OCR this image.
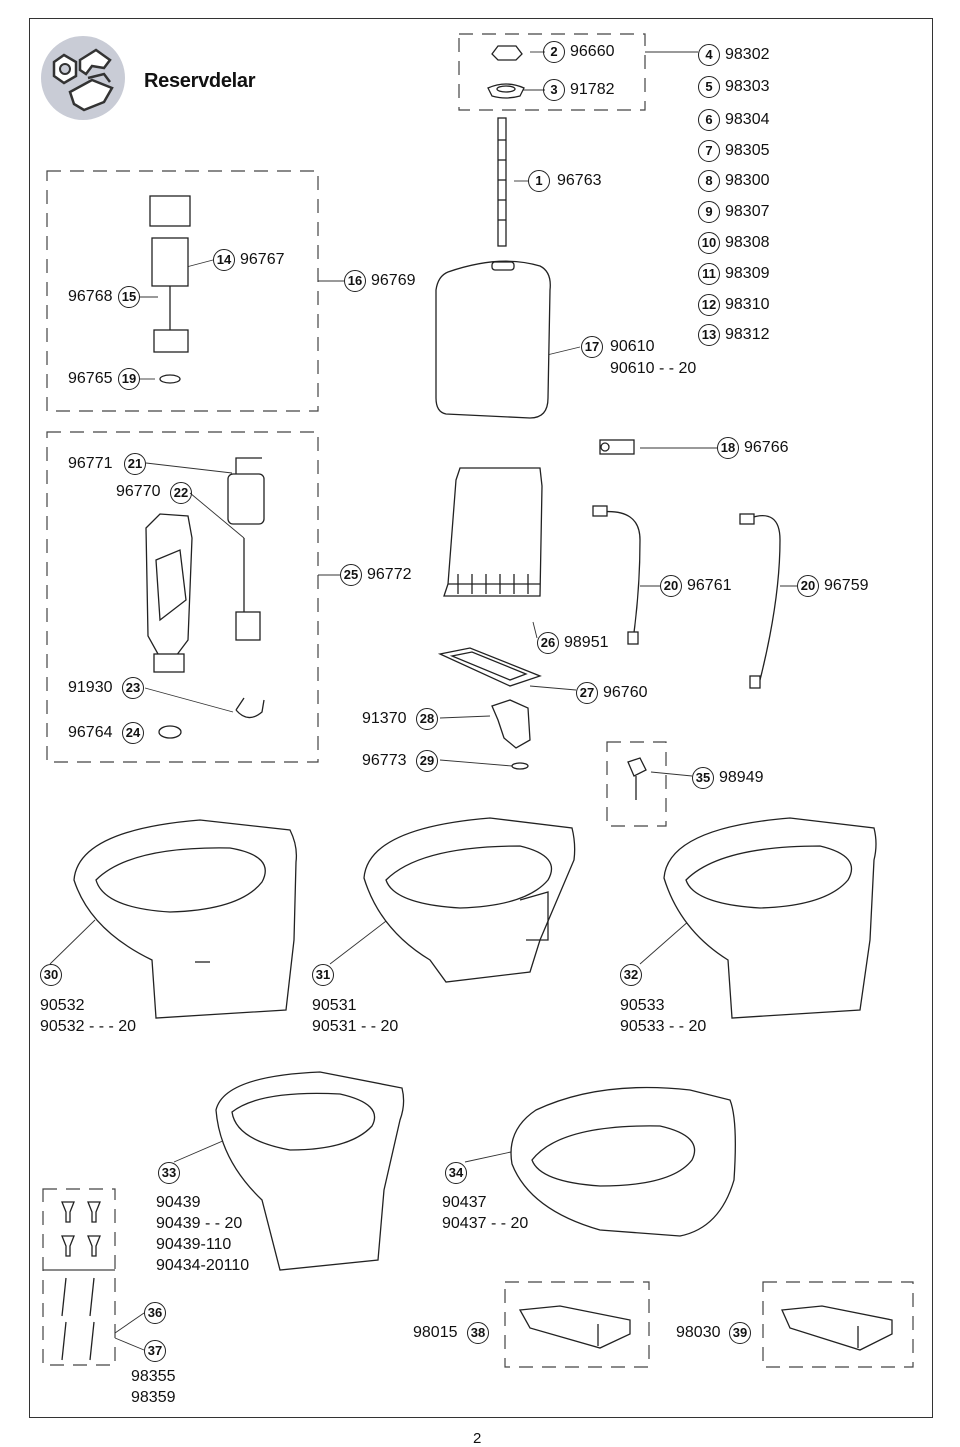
Reservdelar
2 96660
3 91782
1 96763
4 98302
5 98303
6 98304
7 98305
8 98300
9 98307
10 98308
11 98309
12 98310
13 98312
14 96767
96768 15
16 96769
17 90610
90610 - - 20
96765 19
18 96766
96771 21
96770 22
25 96772
20 96761	20 96759
26 98951
91930 23
96764 24
27 96760
91370 28
96773 29
35 98949
30
90532
90532 - - - 20
31
90531
90531 - - 20
32
90533
90533 - - 20
33
90439
90439 - - 20
90439-110
90434-20110
34
90437
90437 - - 20
36
37
98355
98359
98015 38	98030 39
2
